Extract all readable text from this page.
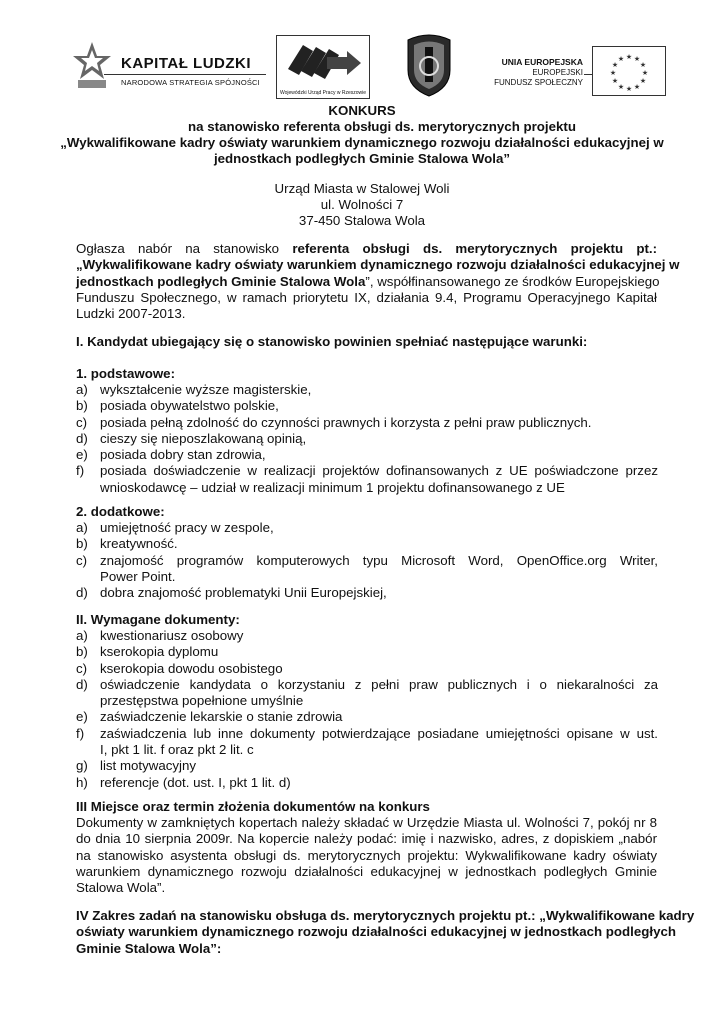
KAPITAŁ LUDZKI
NARODOWA STRATEGIA SPÓJNOŚCI
Wojewódzki Urząd Pracy w Rzeszowie
UNIA EUROPEJSKA
EUROPEJSKI
FUNDUSZ SPOŁECZNY
★ ★
★
★
★
★
★
★
★
★
★
★
KONKURS
na stanowisko referenta obsługi ds. merytorycznych projektu
„Wykwalifikowane kadry oświaty warunkiem dynamicznego rozwoju działalności edukacyjnej w
jednostkach podległych Gminie Stalowa Wola”
Urząd Miasta w Stalowej Woli
ul. Wolności 7
37-450 Stalowa Wola
Ogłasza nabór na stanowisko referenta obsługi ds. merytorycznych projektu pt.:
„Wykwalifikowane kadry oświaty warunkiem dynamicznego rozwoju działalności edukacyjnej w
jednostkach podległych Gminie Stalowa Wola”, współfinansowanego ze środków Europejskiego
Funduszu Społecznego, w ramach priorytetu IX, działania 9.4, Programu Operacyjnego Kapitał
Ludzki 2007-2013.
I. Kandydat ubiegający się o stanowisko powinien spełniać następujące warunki:
1. podstawowe:
a) wykształcenie wyższe magisterskie,
b) posiada obywatelstwo polskie,
c) posiada pełną zdolność do czynności prawnych i korzysta z pełni praw publicznych.
d) cieszy się nieposzlakowaną opinią,
e) posiada dobry stan zdrowia,
f)	posiada doświadczenie w realizacji projektów dofinansowanych z UE poświadczone przez
wnioskodawcę – udział w realizacji minimum 1 projektu dofinansowanego z UE
2. dodatkowe:
a) umiejętność pracy w zespole,
b) kreatywność.
c) znajomość programów komputerowych typu Microsoft Word, OpenOffice.org Writer,
Power Point.
d) dobra znajomość problematyki Unii Europejskiej,
II. Wymagane dokumenty:
a) kwestionariusz osobowy
b) kserokopia dyplomu
c) kserokopia dowodu osobistego
d) oświadczenie kandydata o korzystaniu z pełni praw publicznych i o niekaralności za
przestępstwa popełnione umyślnie
e) zaświadczenie lekarskie o stanie zdrowia
f)	zaświadczenia lub inne dokumenty potwierdzające posiadane umiejętności opisane w ust.
I, pkt 1 lit. f oraz pkt 2 lit. c
g) list motywacyjny
h) referencje (dot. ust. I, pkt 1 lit. d)
III Miejsce oraz termin złożenia dokumentów na konkurs
Dokumenty w zamkniętych kopertach należy składać w Urzędzie Miasta ul. Wolności 7, pokój nr 8
do dnia 10 sierpnia 2009r. Na kopercie należy podać: imię i nazwisko, adres, z dopiskiem „nabór
na stanowisko asystenta obsługi ds. merytorycznych projektu: Wykwalifikowane kadry oświaty
warunkiem dynamicznego rozwoju działalności edukacyjnej w jednostkach podległych Gminie
Stalowa Wola”.
IV Zakres zadań na stanowisku obsługa ds. merytorycznych projektu pt.: „Wykwalifikowane kadry
oświaty warunkiem dynamicznego rozwoju działalności edukacyjnej w jednostkach podległych
Gminie Stalowa Wola”:
